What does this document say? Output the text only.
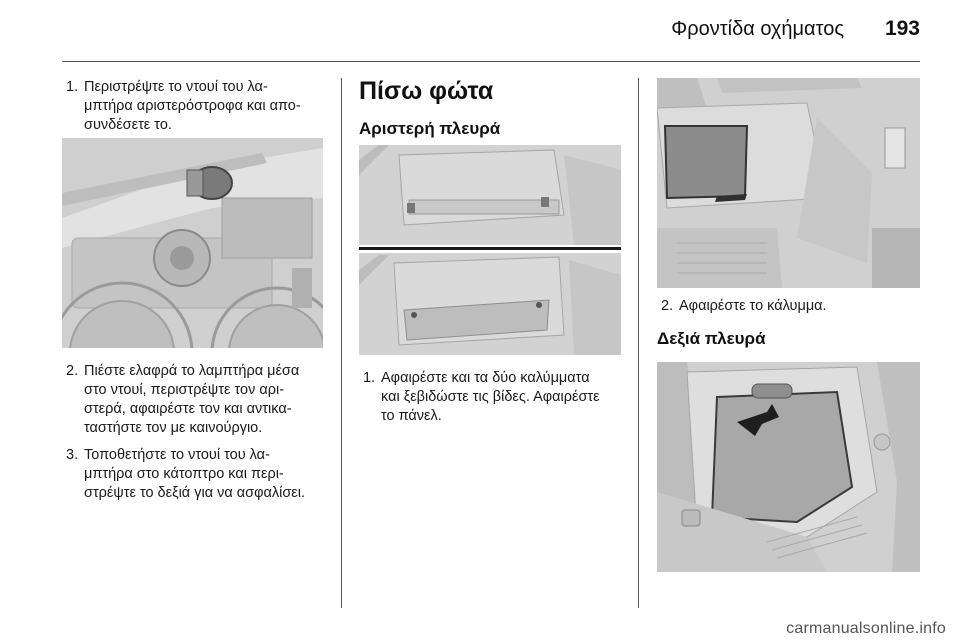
Φροντίδα οχήματος 193
1. Περιστρέψτε το ντουί του λα-
μπτήρα αριστερόστροφα και απο-
συνδέσετε το.
2. Πιέστε ελαφρά το λαμπτήρα μέσα
στο ντουί, περιστρέψτε τον αρι-
στερά, αφαιρέστε τον και αντικα-
ταστήστε τον με καινούργιο.
3. Τοποθετήστε το ντουί του λα-
μπτήρα στο κάτοπτρο και περι-
στρέψτε το δεξιά για να ασφαλίσει.
Πίσω φώτα
Αριστερή πλευρά
1. Αφαιρέστε και τα δύο καλύμματα
και ξεβιδώστε τις βίδες. Αφαιρέστε
το πάνελ.
2. Αφαιρέστε το κάλυμμα.
Δεξιά πλευρά
carmanualsonline.info
